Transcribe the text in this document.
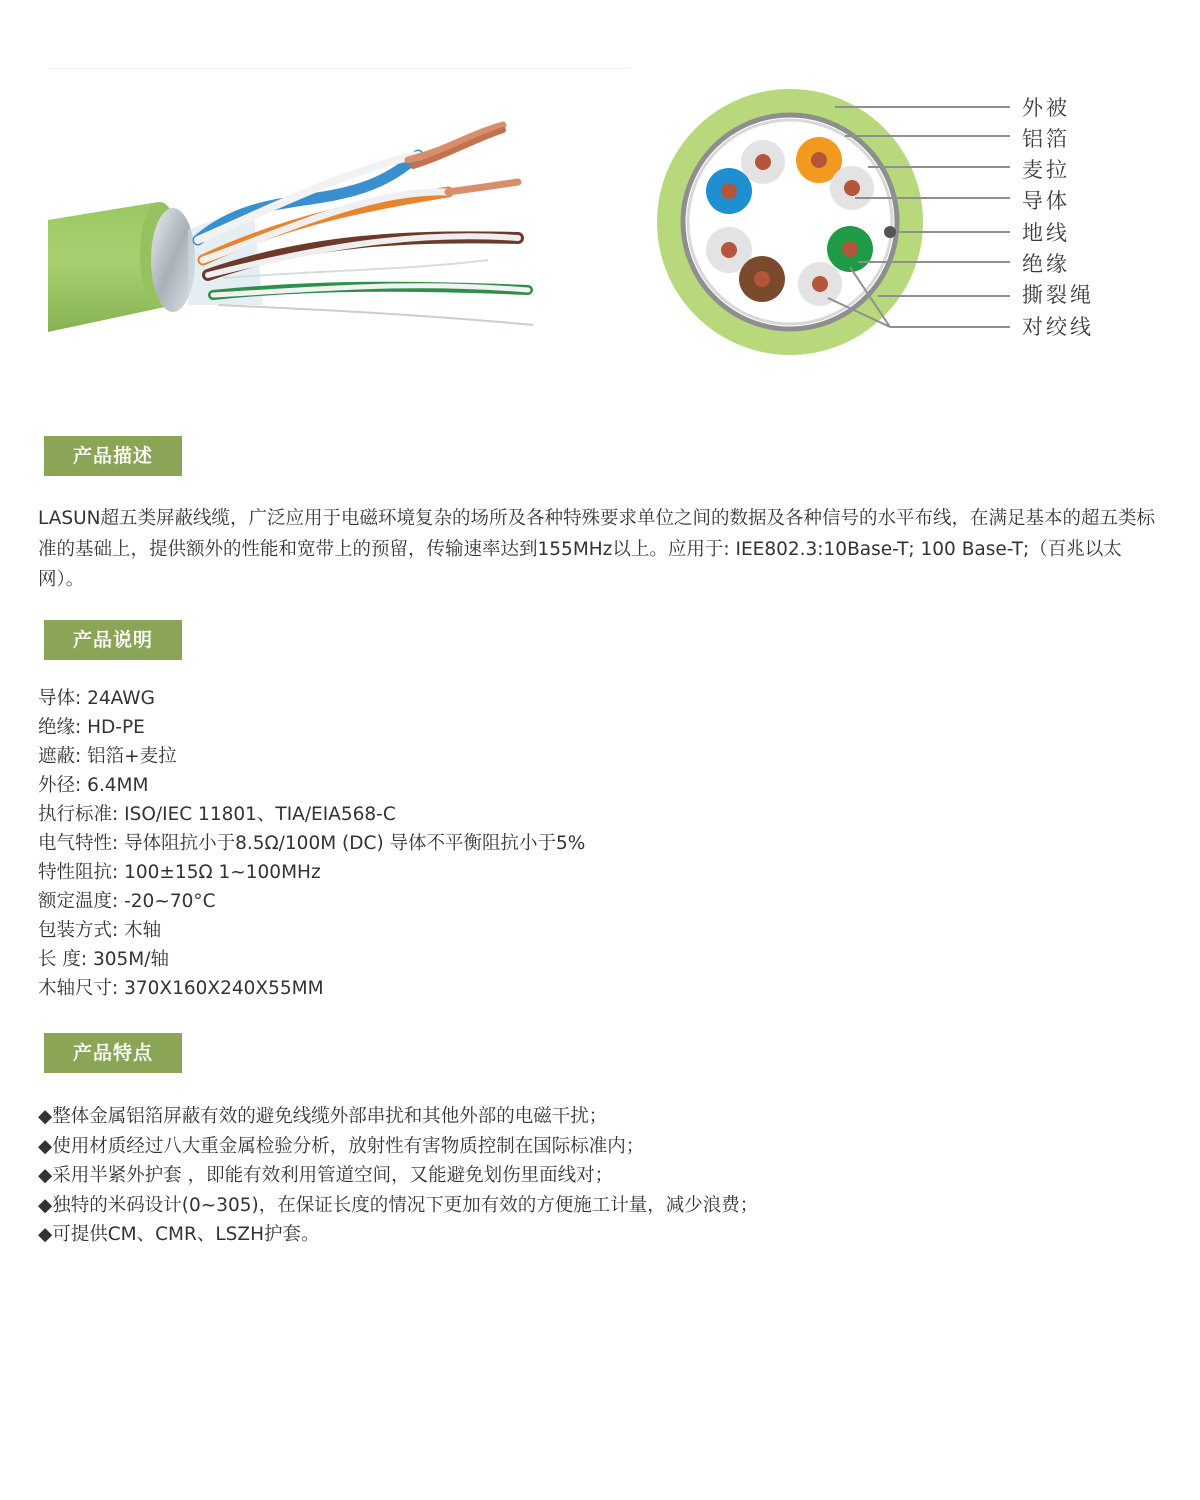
外被
铝箔
麦拉
导体
地线
绝缘
撕裂绳
对绞线
产品描述

LASUN超五类屏蔽线缆，广泛应用于电磁环境复杂的场所及各种特殊要求单位之间的数据及各种信号的水平布线，在满足基本的超五类标准的基础上，提供额外的性能和宽带上的预留，传输速率达到155MHz以上。应用于: IEE802.3:10Base-T; 100 Base-T;（百兆以太网）。

产品说明
导体: 24AWG
绝缘: HD-PE
遮蔽: 铝箔+麦拉
外径: 6.4MM
执行标准: ISO/IEC 11801、TIA/EIA568-C
电气特性: 导体阻抗小于8.5Ω/100M (DC) 导体不平衡阻抗小于5%
特性阻抗: 100±15Ω 1~100MHz
额定温度: -20~70°C
包装方式: 木轴
长 度: 305M/轴
木轴尺寸: 370X160X240X55MM
产品特点
◆整体金属铝箔屏蔽有效的避免线缆外部串扰和其他外部的电磁干扰；
◆使用材质经过八大重金属检验分析，放射性有害物质控制在国际标准内；
◆采用半紧外护套 ，即能有效利用管道空间，又能避免划伤里面线对；
◆独特的米码设计(0~305)，在保证长度的情况下更加有效的方便施工计量，减少浪费；
◆可提供CM、CMR、LSZH护套。
